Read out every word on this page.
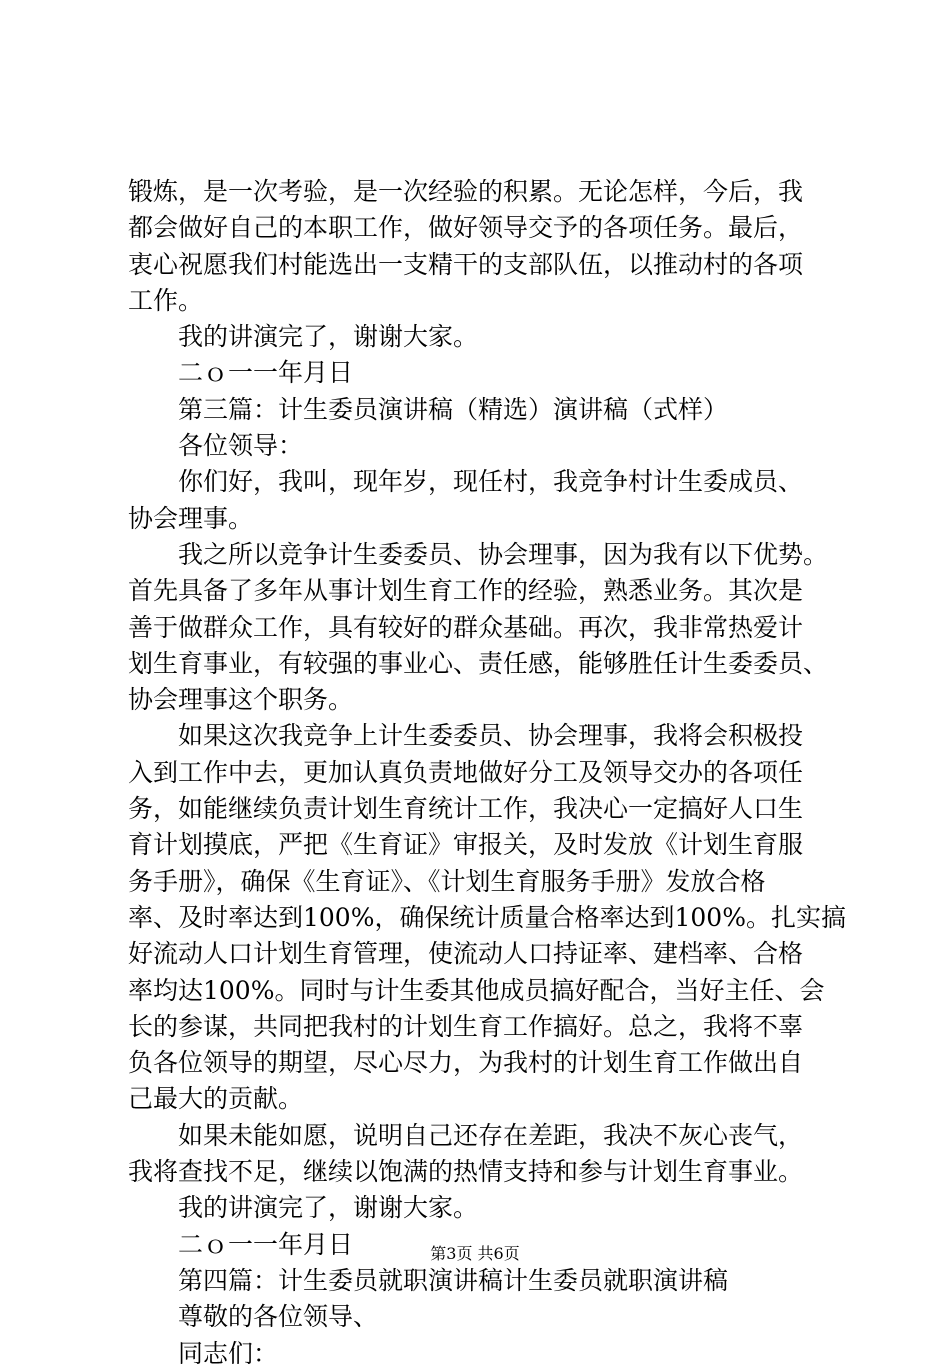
锻炼，是一次考验，是一次经验的积累。无论怎样，今后，我
都会做好自己的本职工作，做好领导交予的各项任务。最后，
衷心祝愿我们村能选出一支精干的支部队伍，以推动村的各项
工作。
我的讲演完了，谢谢大家。
二ｏ一一年月日
第三篇：计生委员演讲稿（精选）演讲稿（式样）
各位领导：
你们好，我叫，现年岁，现任村，我竞争村计生委成员、
协会理事。
我之所以竞争计生委委员、协会理事，因为我有以下优势。
首先具备了多年从事计划生育工作的经验，熟悉业务。其次是
善于做群众工作，具有较好的群众基础。再次，我非常热爱计
划生育事业，有较强的事业心、责任感，能够胜任计生委委员、
协会理事这个职务。
如果这次我竞争上计生委委员、协会理事，我将会积极投
入到工作中去，更加认真负责地做好分工及领导交办的各项任
务，如能继续负责计划生育统计工作，我决心一定搞好人口生
育计划摸底，严把《生育证》审报关，及时发放《计划生育服
务手册》，确保《生育证》、《计划生育服务手册》发放合格
率、及时率达到100%，确保统计质量合格率达到100%。扎实搞
好流动人口计划生育管理，使流动人口持证率、建档率、合格
率均达100%。同时与计生委其他成员搞好配合，当好主任、会
长的参谋，共同把我村的计划生育工作搞好。总之，我将不辜
负各位领导的期望，尽心尽力，为我村的计划生育工作做出自
己最大的贡献。
如果未能如愿，说明自己还存在差距，我决不灰心丧气，
我将查找不足，继续以饱满的热情支持和参与计划生育事业。
我的讲演完了，谢谢大家。
二ｏ一一年月日
第四篇：计生委员就职演讲稿计生委员就职演讲稿
尊敬的各位领导、
同志们：
第3页 共6页
